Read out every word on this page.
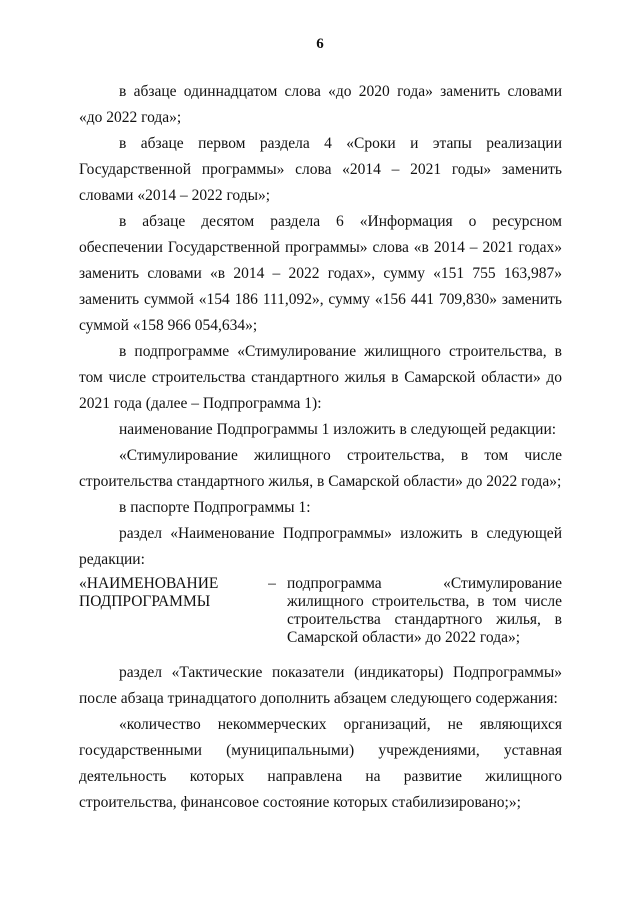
6

в абзаце одиннадцатом слова «до 2020 года» заменить словами «до 2022 года»;

в абзаце первом раздела 4 «Сроки и этапы реализации Государственной программы» слова «2014 – 2021 годы» заменить словами «2014 – 2022 годы»;

в абзаце десятом раздела 6 «Информация о ресурсном обеспечении Государственной программы» слова «в 2014 – 2021 годах» заменить словами «в 2014 – 2022 годах», сумму «151 755 163,987» заменить суммой «154 186 111,092», сумму «156 441 709,830» заменить суммой «158 966 054,634»;

в подпрограмме «Стимулирование жилищного строительства, в том числе строительства стандартного жилья в Самарской области» до 2021 года (далее – Подпрограмма 1):

наименование Подпрограммы 1 изложить в следующей редакции:

«Стимулирование жилищного строительства, в том числе строительства стандартного жилья, в Самарской области» до 2022 года»;

в паспорте Подпрограммы 1:

раздел «Наименование Подпрограммы» изложить в следующей редакции:

«НАИМЕНОВАНИЕ ПОДПРОГРАММЫ
– подпрограмма «Стимулирование жилищного строительства, в том числе строительства стандартного жилья, в Самарской области» до 2022 года»;

раздел «Тактические показатели (индикаторы) Подпрограммы» после абзаца тринадцатого дополнить абзацем следующего содержания:

«количество некоммерческих организаций, не являющихся государственными (муниципальными) учреждениями, уставная деятельность которых направлена на развитие жилищного строительства, финансовое состояние которых стабилизировано;»;
